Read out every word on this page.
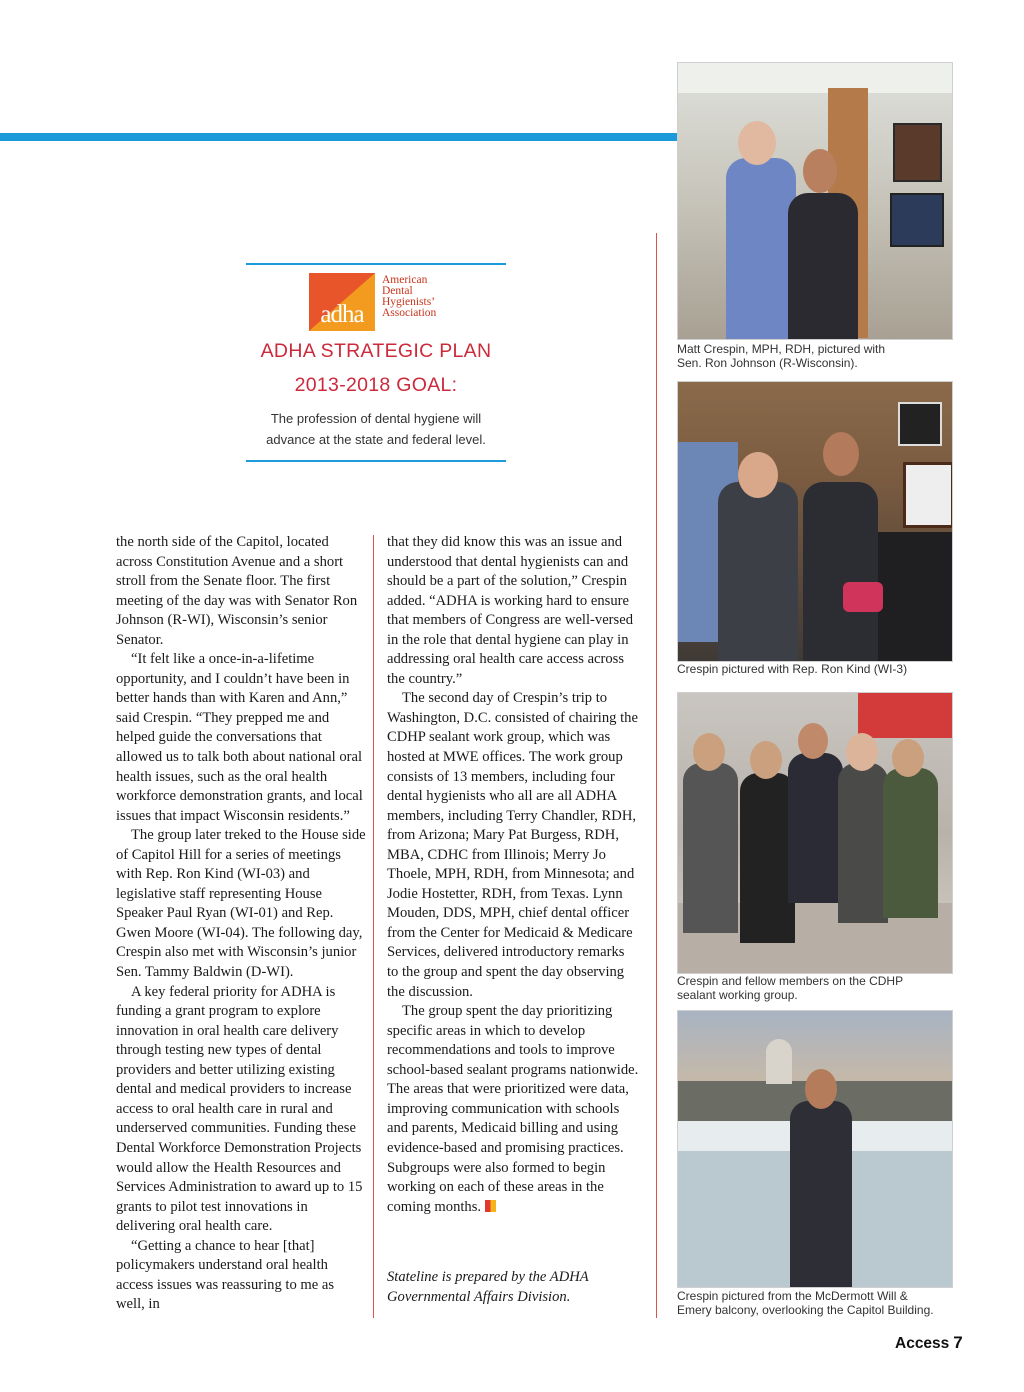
adha
American
Dental
Hygienists’
Association
ADHA STRATEGIC PLAN
2013-2018 GOAL:
The profession of dental hygiene will
advance at the state and federal level.

the north side of the Capitol, located across Constitution Avenue and a short stroll from the Senate floor. The first meeting of the day was with Senator Ron Johnson (R-WI), Wisconsin’s senior Senator.

“It felt like a once-in-a-lifetime opportunity, and I couldn’t have been in better hands than with Karen and Ann,” said Crespin. “They prepped me and helped guide the conversations that allowed us to talk both about national oral health issues, such as the oral health workforce demonstration grants, and local issues that impact Wisconsin residents.”

The group later treked to the House side of Capitol Hill for a series of meetings with Rep. Ron Kind (WI-03) and legislative staff representing House Speaker Paul Ryan (WI-01) and Rep. Gwen Moore (WI-04). The following day, Crespin also met with Wisconsin’s junior Sen. Tammy Baldwin (D-WI).

A key federal priority for ADHA is funding a grant program to explore innovation in oral health care delivery through testing new types of dental providers and better utilizing existing dental and medical providers to increase access to oral health care in rural and underserved communities. Funding these Dental Workforce Demonstration Projects would allow the Health Resources and Services Administration to award up to 15 grants to pilot test innovations in delivering oral health care.

“Getting a chance to hear [that] policymakers understand oral health access issues was reassuring to me as well, in

that they did know this was an issue and understood that dental hygienists can and should be a part of the solution,” Crespin added. “ADHA is working hard to ensure that members of Congress are well-versed in the role that dental hygiene can play in addressing oral health care access across the country.”

The second day of Crespin’s trip to Washington, D.C. consisted of chairing the CDHP sealant work group, which was hosted at MWE offices. The work group consists of 13 members, including four dental hygienists who all are all ADHA members, including Terry Chandler, RDH, from Arizona; Mary Pat Burgess, RDH, MBA, CDHC from Illinois; Merry Jo Thoele, MPH, RDH, from Minnesota; and Jodie Hostetter, RDH, from Texas. Lynn Mouden, DDS, MPH, chief dental officer from the Center for Medicaid & Medicare Services, delivered introductory remarks to the group and spent the day observing the discussion.

The group spent the day prioritizing specific areas in which to develop recommendations and tools to improve school-based sealant programs nationwide. The areas that were prioritized were data, improving communication with schools and parents, Medicaid billing and using evidence-based and promising practices. Subgroups were also formed to begin working on each of these areas in the coming months.

Stateline is prepared by the ADHA Governmental Affairs Division.
Matt Crespin, MPH, RDH, pictured with
Sen. Ron Johnson (R-Wisconsin).
Crespin pictured with Rep. Ron Kind (WI-3)
Crespin and fellow members on the CDHP
sealant working group.
Crespin pictured from the McDermott Will &
Emery balcony, overlooking the Capitol Building.
Access 7
